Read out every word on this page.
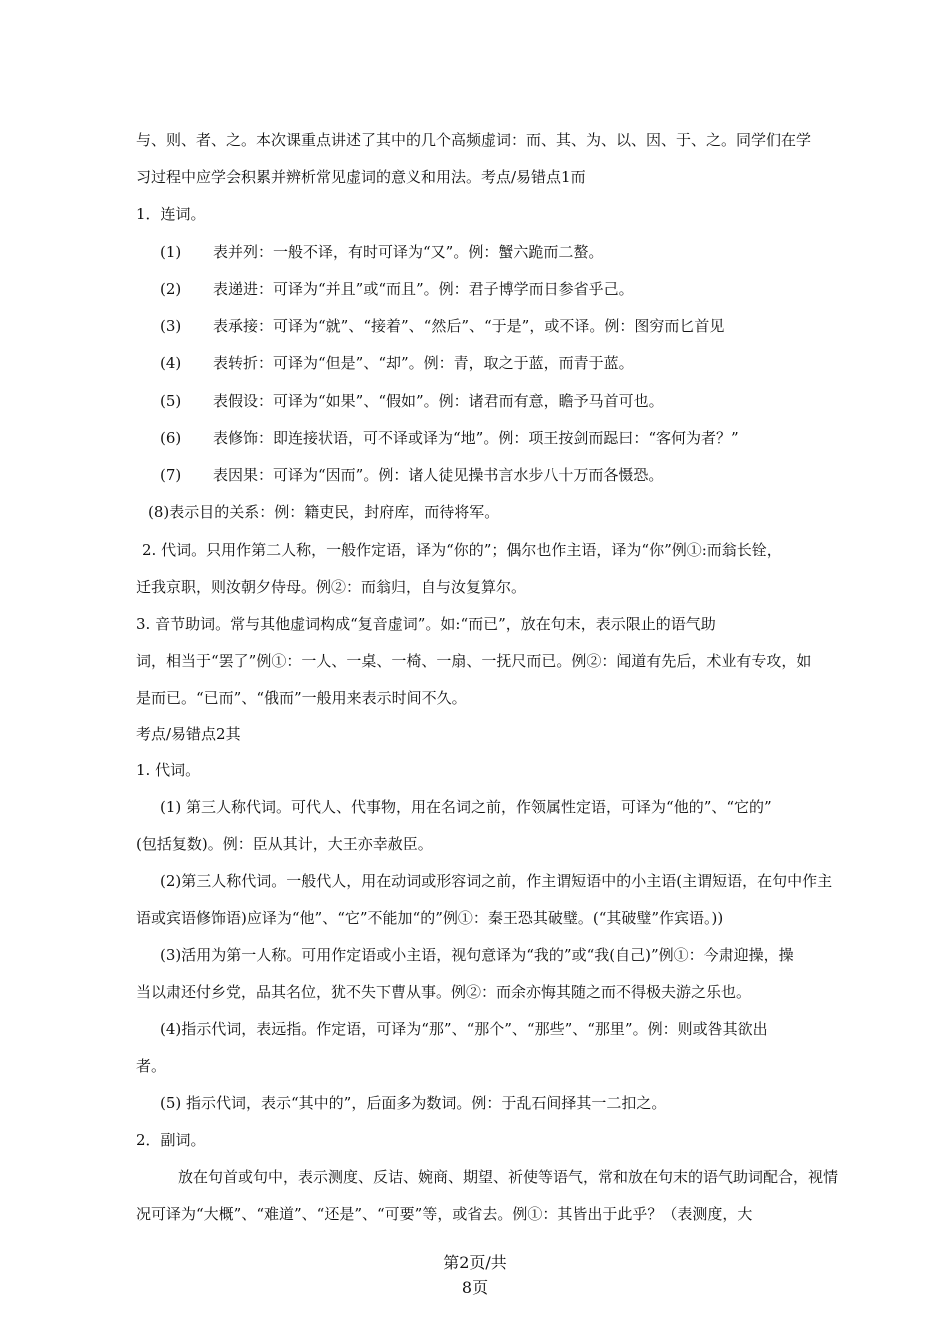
与、则、者、之。本次课重点讲述了其中的几个高频虚词：而、其、为、以、因、于、之。同学们在学
习过程中应学会积累并辨析常见虚词的意义和用法。考点/易错点1而
1．连词。
(1) 表并列：一般不译，有时可译为“又”。例：蟹六跪而二螯。
(2) 表递进：可译为“并且”或“而且”。例：君子博学而日参省乎己。
(3) 表承接：可译为“就”、“接着”、“然后”、“于是”，或不译。例：图穷而匕首见
(4) 表转折：可译为“但是”、“却”。例：青，取之于蓝，而青于蓝。
(5) 表假设：可译为“如果”、“假如”。例：诸君而有意，瞻予马首可也。
(6) 表修饰：即连接状语，可不译或译为“地”。例：项王按剑而跽曰：“客何为者？”
(7) 表因果：可译为“因而”。例：诸人徒见操书言水步八十万而各慑恐。
(8)表示目的关系：例：籍吏民，封府库，而待将军。
2. 代词。只用作第二人称，一般作定语，译为“你的”；偶尔也作主语，译为“你”例①:而翁长铨，
迁我京职，则汝朝夕侍母。例②：而翁归，自与汝复算尔。
3. 音节助词。常与其他虚词构成“复音虚词”。如:“而已”，放在句末，表示限止的语气助
词，相当于“罢了”例①：一人、一桌、一椅、一扇、一抚尺而已。例②：闻道有先后，术业有专攻，如
是而已。“已而”、“俄而”一般用来表示时间不久。
考点/易错点2其
1. 代词。
(1) 第三人称代词。可代人、代事物，用在名词之前，作领属性定语，可译为“他的”、“它的”
(包括复数)。例：臣从其计，大王亦幸赦臣。
(2)第三人称代词。一般代人，用在动词或形容词之前，作主谓短语中的小主语(主谓短语，在句中作主
语或宾语修饰语)应译为“他”、“它”不能加“的”例①：秦王恐其破璧。(“其破璧”作宾语。))
(3)活用为第一人称。可用作定语或小主语，视句意译为“我的”或“我(自己)”例①：今肃迎操，操
当以肃还付乡党，品其名位，犹不失下曹从事。例②：而余亦悔其随之而不得极夫游之乐也。
(4)指示代词，表远指。作定语，可译为“那”、“那个”、“那些”、“那里”。例：则或咎其欲出
者。
(5) 指示代词，表示“其中的”，后面多为数词。例：于乱石间择其一二扣之。
2．副词。
放在句首或句中，表示测度、反诘、婉商、期望、祈使等语气，常和放在句末的语气助词配合，视情
况可译为“大概”、“难道”、“还是”、“可要”等，或省去。例①：其皆出于此乎？（表测度，大
第2页/共
8页
